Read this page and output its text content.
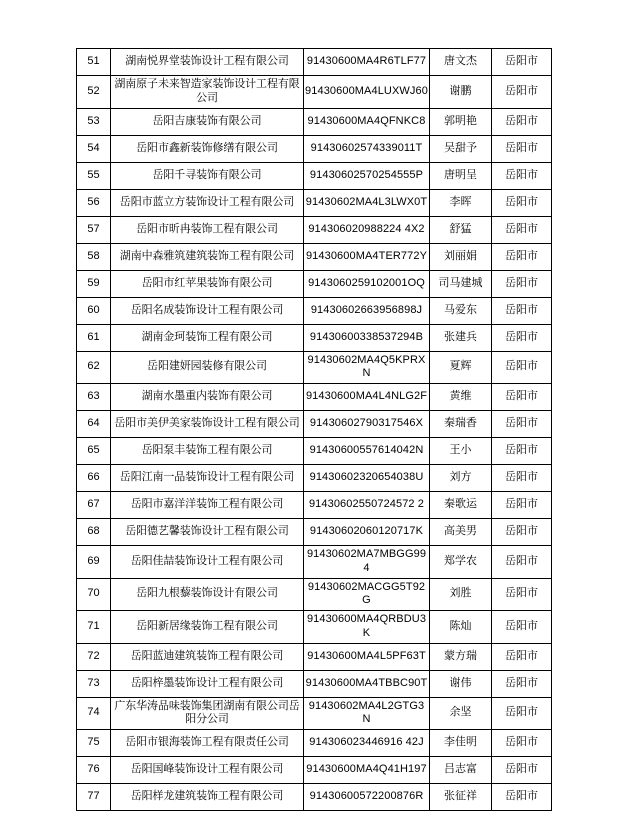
51	湖南悦界堂装饰设计工程有限公司	91430600MA4R6TLF77	唐文杰	岳阳市
52	湖南原子未来智造家装饰设计工程有限公司	91430600MA4LUXWJ60	谢鹏	岳阳市
53	岳阳吉康装饰有限公司	91430600MA4QFNKC8	郭明艳	岳阳市
54	岳阳市鑫新装饰修缮有限公司	91430602574339011T	吴甜予	岳阳市
55	岳阳千寻装饰有限公司	91430602570254555P	唐明呈	岳阳市
56	岳阳市蓝立方装饰设计工程有限公司	91430602MA4L3LWX0T	李晖	岳阳市
57	岳阳市昕冉装饰工程有限公司	914306020988224 4X2	舒猛	岳阳市
58	湖南中森雅筑建筑装饰工程有限公司	91430600MA4TER772Y	刘丽娟	岳阳市
59	岳阳市红苹果装饰有限公司	9143060259102001OQ	司马建城	岳阳市
60	岳阳名成装饰设计工程有限公司	91430602663956898J	马爱东	岳阳市
61	湖南金珂装饰工程有限公司	91430600338537294B	张建兵	岳阳市
62	岳阳建妍园装修有限公司	91430602MA4Q5KPRXN	夏辉	岳阳市
63	湖南水墨重内装饰有限公司	91430600MA4L4NLG2F	黄维	岳阳市
64	岳阳市美伊美家装饰设计工程有限公司	91430602790317546X	秦瑞香	岳阳市
65	岳阳泵丰装饰工程有限公司	91430600557614042N	王小	岳阳市
66	岳阳江南一品装饰设计工程有限公司	91430602320654038U	刘方	岳阳市
67	岳阳市嘉洋洋装饰工程有限公司	91430602550724572 2	秦歌运	岳阳市
68	岳阳德艺馨装饰设计工程有限公司	91430602060120717K	高美男	岳阳市
69	岳阳佳喆装饰设计工程有限公司	91430602MA7MBGG994	郑学农	岳阳市
70	岳阳九根藜装饰设计有限公司	91430602MACGG5T92G	刘胜	岳阳市
71	岳阳新居缘装饰工程有限公司	91430600MA4QRBDU3K	陈灿	岳阳市
72	岳阳蓝迪建筑装饰工程有限公司	91430600MA4L5PF63T	蒙方瑞	岳阳市
73	岳阳梓墨装饰设计工程有限公司	91430600MA4TBBC90T	谢伟	岳阳市
74	广东华涛品味装饰集团湖南有限公司岳阳分公司	91430602MA4L2GTG3N	余坚	岳阳市
75	岳阳市银海装饰工程有限责任公司	914306023446916 42J	李佳明	岳阳市
76	岳阳国峰装饰设计工程有限公司	91430600MA4Q41H197	吕志富	岳阳市
77	岳阳样龙建筑装饰工程有限公司	91430600572200876R	张征祥	岳阳市
